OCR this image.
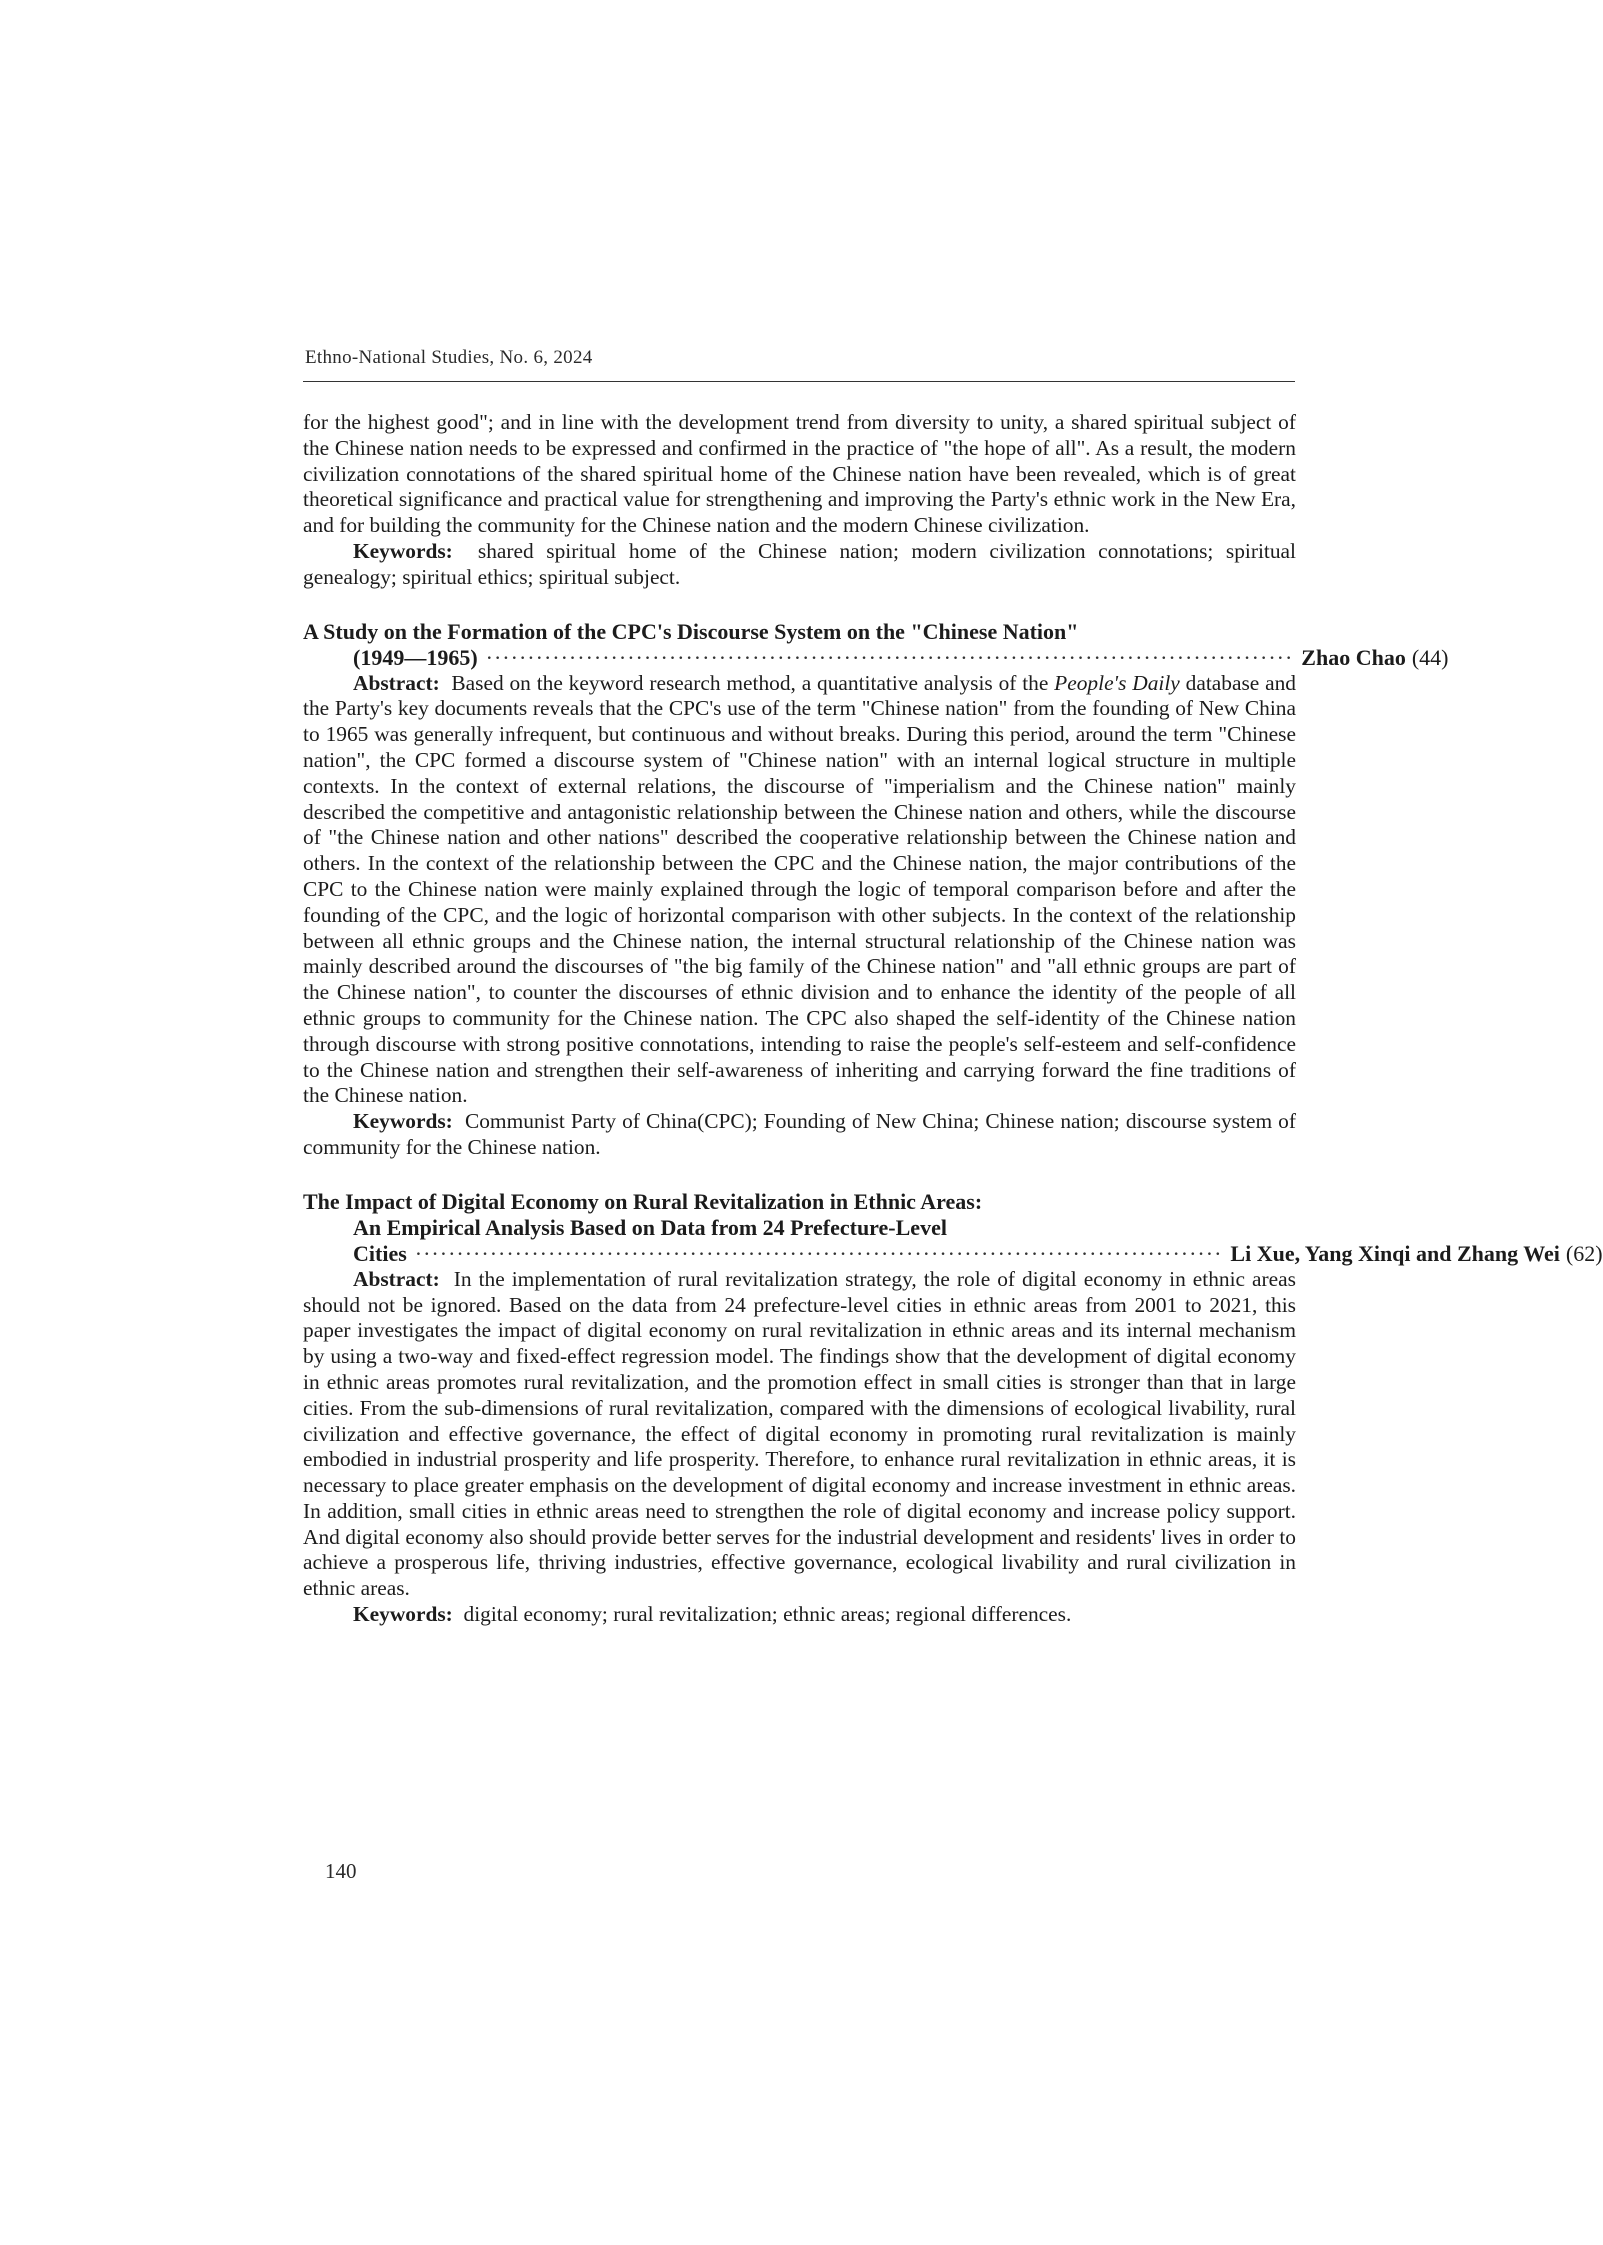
Ethno-National Studies, No. 6, 2024

for the highest good"; and in line with the development trend from diversity to unity, a shared spiritual subject of the Chinese nation needs to be expressed and confirmed in the practice of "the hope of all". As a result, the modern civilization connotations of the shared spiritual home of the Chinese nation have been revealed, which is of great theoretical significance and practical value for strengthening and improving the Party's ethnic work in the New Era, and for building the community for the Chinese nation and the modern Chinese civilization.

Keywords: shared spiritual home of the Chinese nation; modern civilization connotations; spiritual genealogy; spiritual ethics; spiritual subject.

A Study on the Formation of the CPC's Discourse System on the "Chinese Nation"
(1949—1965) ································································································· Zhao Chao (44)

Abstract: Based on the keyword research method, a quantitative analysis of the People's Daily database and the Party's key documents reveals that the CPC's use of the term "Chinese nation" from the founding of New China to 1965 was generally infrequent, but continuous and without breaks. During this period, around the term "Chinese nation", the CPC formed a discourse system of "Chinese nation" with an internal logical structure in multiple contexts. In the context of external relations, the discourse of "imperialism and the Chinese nation" mainly described the competitive and antagonistic relationship between the Chinese nation and others, while the discourse of "the Chinese nation and other nations" described the cooperative relationship between the Chinese nation and others. In the context of the relationship between the CPC and the Chinese nation, the major contributions of the CPC to the Chinese nation were mainly explained through the logic of temporal comparison before and after the founding of the CPC, and the logic of horizontal comparison with other subjects. In the context of the relationship between all ethnic groups and the Chinese nation, the internal structural relationship of the Chinese nation was mainly described around the discourses of "the big family of the Chinese nation" and "all ethnic groups are part of the Chinese nation", to counter the discourses of ethnic division and to enhance the identity of the people of all ethnic groups to community for the Chinese nation. The CPC also shaped the self-identity of the Chinese nation through discourse with strong positive connotations, intending to raise the people's self-esteem and self-confidence to the Chinese nation and strengthen their self-awareness of inheriting and carrying forward the fine traditions of the Chinese nation.

Keywords: Communist Party of China(CPC); Founding of New China; Chinese nation; discourse system of community for the Chinese nation.

The Impact of Digital Economy on Rural Revitalization in Ethnic Areas:
An Empirical Analysis Based on Data from 24 Prefecture-Level
Cities ································································································· Li Xue, Yang Xinqi and Zhang Wei (62)

Abstract: In the implementation of rural revitalization strategy, the role of digital economy in ethnic areas should not be ignored. Based on the data from 24 prefecture-level cities in ethnic areas from 2001 to 2021, this paper investigates the impact of digital economy on rural revitalization in ethnic areas and its internal mechanism by using a two-way and fixed-effect regression model. The findings show that the development of digital economy in ethnic areas promotes rural revitalization, and the promotion effect in small cities is stronger than that in large cities. From the sub-dimensions of rural revitalization, compared with the dimensions of ecological livability, rural civilization and effective governance, the effect of digital economy in promoting rural revitalization is mainly embodied in industrial prosperity and life prosperity. Therefore, to enhance rural revitalization in ethnic areas, it is necessary to place greater emphasis on the development of digital economy and increase investment in ethnic areas. In addition, small cities in ethnic areas need to strengthen the role of digital economy and increase policy support. And digital economy also should provide better serves for the industrial development and residents' lives in order to achieve a prosperous life, thriving industries, effective governance, ecological livability and rural civilization in ethnic areas.

Keywords: digital economy; rural revitalization; ethnic areas; regional differences.

140
